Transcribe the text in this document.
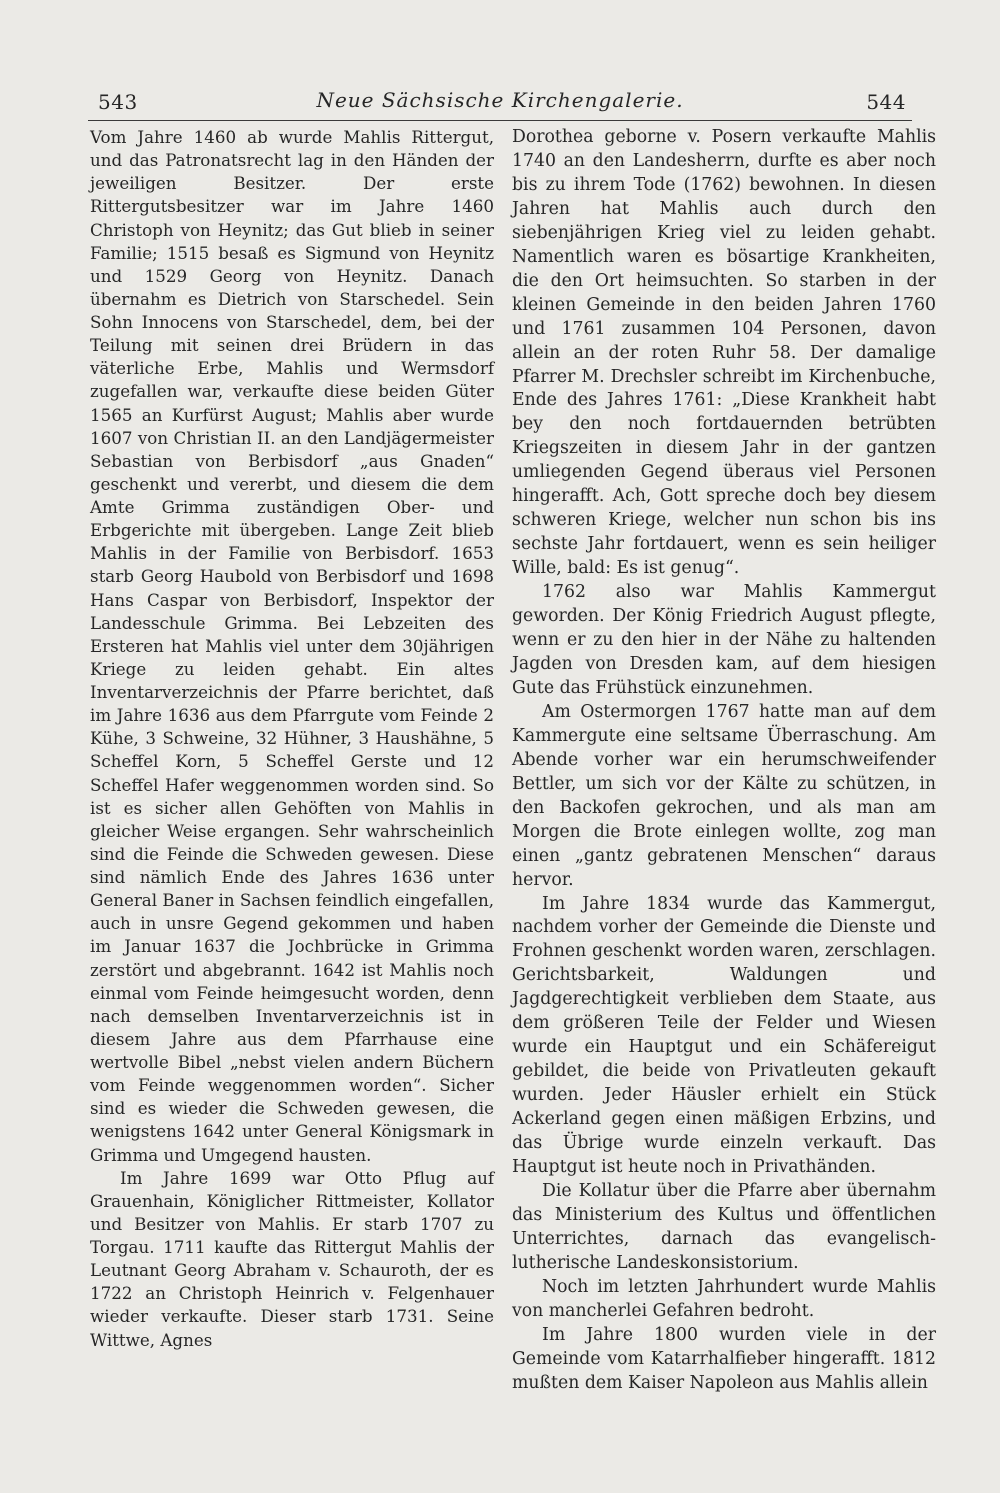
543	Neue Sächsische Kirchengalerie.	544

Vom Jahre 1460 ab wurde Mahlis Rittergut, und das Patronatsrecht lag in den Händen der jeweiligen Besitzer. Der erste Rittergutsbesitzer war im Jahre 1460 Christoph von Heynitz; das Gut blieb in seiner Familie; 1515 besaß es Sigmund von Heynitz und 1529 Georg von Heynitz. Danach übernahm es Dietrich von Starschedel. Sein Sohn Innocens von Starschedel, dem, bei der Teilung mit seinen drei Brüdern in das väterliche Erbe, Mahlis und Wermsdorf zugefallen war, verkaufte diese beiden Güter 1565 an Kurfürst August; Mahlis aber wurde 1607 von Christian II. an den Landjägermeister Sebastian von Berbisdorf „aus Gnaden“ geschenkt und vererbt, und diesem die dem Amte Grimma zuständigen Ober- und Erbgerichte mit übergeben. Lange Zeit blieb Mahlis in der Familie von Berbisdorf. 1653 starb Georg Haubold von Berbisdorf und 1698 Hans Caspar von Berbisdorf, Inspektor der Landesschule Grimma. Bei Lebzeiten des Ersteren hat Mahlis viel unter dem 30jährigen Kriege zu leiden gehabt. Ein altes Inventarverzeichnis der Pfarre berichtet, daß im Jahre 1636 aus dem Pfarrgute vom Feinde 2 Kühe, 3 Schweine, 32 Hühner, 3 Haushähne, 5 Scheffel Korn, 5 Scheffel Gerste und 12 Scheffel Hafer weggenommen worden sind. So ist es sicher allen Gehöften von Mahlis in gleicher Weise ergangen. Sehr wahrscheinlich sind die Feinde die Schweden gewesen. Diese sind nämlich Ende des Jahres 1636 unter General Baner in Sachsen feindlich eingefallen, auch in unsre Gegend gekommen und haben im Januar 1637 die Jochbrücke in Grimma zerstört und abgebrannt. 1642 ist Mahlis noch einmal vom Feinde heimgesucht worden, denn nach demselben Inventarverzeichnis ist in diesem Jahre aus dem Pfarrhause eine wertvolle Bibel „nebst vielen andern Büchern vom Feinde weggenommen worden“. Sicher sind es wieder die Schweden gewesen, die wenigstens 1642 unter General Königsmark in Grimma und Umgegend hausten.

Im Jahre 1699 war Otto Pflug auf Grauenhain, Königlicher Rittmeister, Kollator und Besitzer von Mahlis. Er starb 1707 zu Torgau. 1711 kaufte das Rittergut Mahlis der Leutnant Georg Abraham v. Schauroth, der es 1722 an Christoph Heinrich v. Felgenhauer wieder verkaufte. Dieser starb 1731. Seine Wittwe, Agnes

Dorothea geborne v. Posern verkaufte Mahlis 1740 an den Landesherrn, durfte es aber noch bis zu ihrem Tode (1762) bewohnen. In diesen Jahren hat Mahlis auch durch den siebenjährigen Krieg viel zu leiden gehabt. Namentlich waren es bösartige Krankheiten, die den Ort heimsuchten. So starben in der kleinen Gemeinde in den beiden Jahren 1760 und 1761 zusammen 104 Personen, davon allein an der roten Ruhr 58. Der damalige Pfarrer M. Drechsler schreibt im Kirchenbuche, Ende des Jahres 1761: „Diese Krankheit habt bey den noch fortdauernden betrübten Kriegszeiten in diesem Jahr in der gantzen umliegenden Gegend überaus viel Personen hingerafft. Ach, Gott spreche doch bey diesem schweren Kriege, welcher nun schon bis ins sechste Jahr fortdauert, wenn es sein heiliger Wille, bald: Es ist genug“.

1762 also war Mahlis Kammergut geworden. Der König Friedrich August pflegte, wenn er zu den hier in der Nähe zu haltenden Jagden von Dresden kam, auf dem hiesigen Gute das Frühstück einzunehmen.

Am Ostermorgen 1767 hatte man auf dem Kammergute eine seltsame Überraschung. Am Abende vorher war ein herumschweifender Bettler, um sich vor der Kälte zu schützen, in den Backofen gekrochen, und als man am Morgen die Brote einlegen wollte, zog man einen „gantz gebratenen Menschen“ daraus hervor.

Im Jahre 1834 wurde das Kammergut, nachdem vorher der Gemeinde die Dienste und Frohnen geschenkt worden waren, zerschlagen. Gerichtsbarkeit, Waldungen und Jagdgerechtigkeit verblieben dem Staate, aus dem größeren Teile der Felder und Wiesen wurde ein Hauptgut und ein Schäfereigut gebildet, die beide von Privatleuten gekauft wurden. Jeder Häusler erhielt ein Stück Ackerland gegen einen mäßigen Erbzins, und das Übrige wurde einzeln verkauft. Das Hauptgut ist heute noch in Privathänden.

Die Kollatur über die Pfarre aber übernahm das Ministerium des Kultus und öffentlichen Unterrichtes, darnach das evangelisch-lutherische Landeskonsistorium.

Noch im letzten Jahrhundert wurde Mahlis von mancherlei Gefahren bedroht.

Im Jahre 1800 wurden viele in der Gemeinde vom Katarrhalfieber hingerafft. 1812 mußten dem Kaiser Napoleon aus Mahlis allein
